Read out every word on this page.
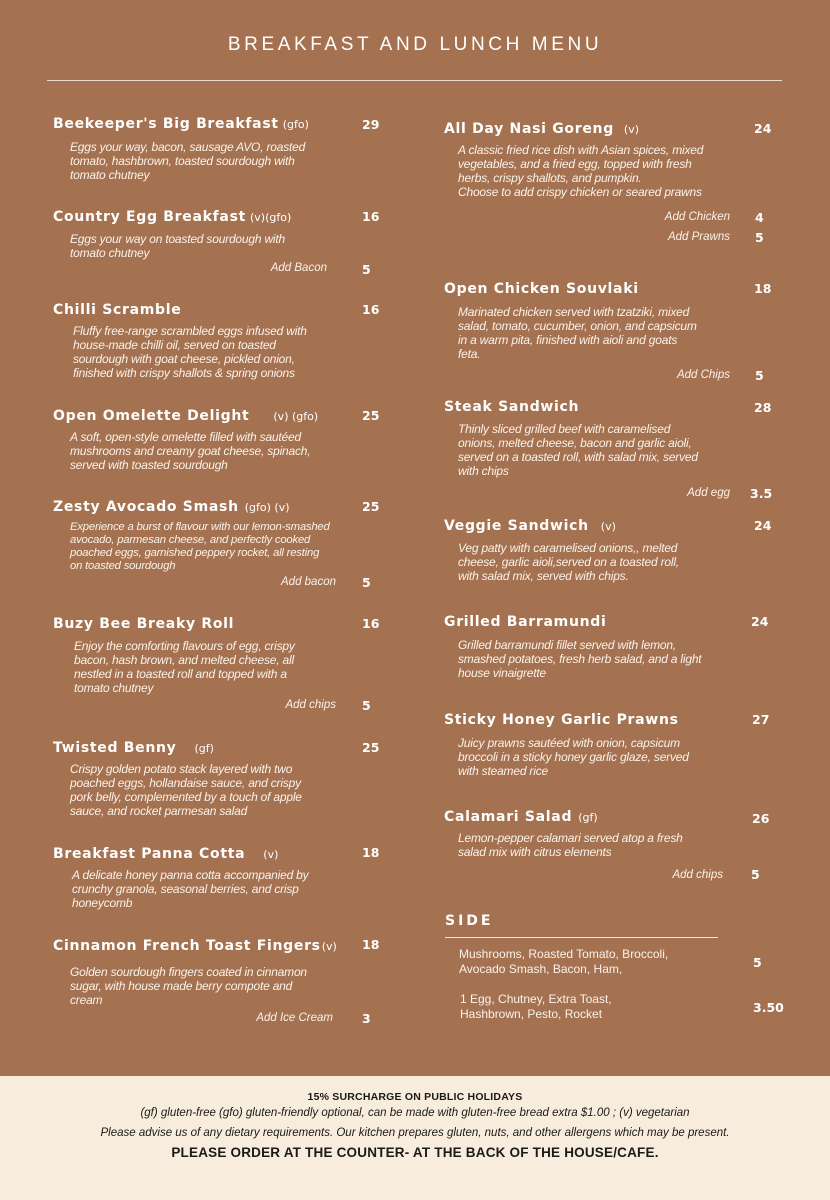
BREAKFAST AND LUNCH MENU
Beekeeper's Big Breakfast (gfo)	29
Eggs your way, bacon, sausage AVO, roasted
tomato, hashbrown, toasted sourdough with
tomato chutney
Country Egg Breakfast (v)(gfo)	16
Eggs your way on toasted sourdough with
tomato chutney
Add Bacon	5
Chilli Scramble	16
Fluffy free-range scrambled eggs infused with
house-made chilli oil, served on toasted
sourdough with goat cheese, pickled onion,
finished with crispy shallots & spring onions
Open Omelette Delight (v) (gfo)	25
A soft, open-style omelette filled with sautéed
mushrooms and creamy goat cheese, spinach,
served with toasted sourdough
Zesty Avocado Smash (gfo) (v)	25
Experience a burst of flavour with our lemon-smashed
avocado, parmesan cheese, and perfectly cooked
poached eggs, garnished peppery rocket, all resting
on toasted sourdough
Add bacon 5
Buzy Bee Breaky Roll	16
Enjoy the comforting flavours of egg, crispy
bacon, hash brown, and melted cheese, all
nestled in a toasted roll and topped with a
tomato chutney
Add chips 5
Twisted Benny (gf)	25
Crispy golden potato stack layered with two
poached eggs, hollandaise sauce, and crispy
pork belly, complemented by a touch of apple
sauce, and rocket parmesan salad
Breakfast Panna Cotta (v)	18
A delicate honey panna cotta accompanied by
crunchy granola, seasonal berries, and crisp
honeycomb
Cinnamon French Toast Fingers(v) 18
Golden sourdough fingers coated in cinnamon
sugar, with house made berry compote and
cream
Add Ice Cream 3
All Day Nasi Goreng (v)	24
A classic fried rice dish with Asian spices, mixed
vegetables, and a fried egg, topped with fresh
herbs, crispy shallots, and pumpkin.
Choose to add crispy chicken or seared prawns
Add Chicken 4
Add Prawns 5
Open Chicken Souvlaki	18
Marinated chicken served with tzatziki, mixed
salad, tomato, cucumber, onion, and capsicum
in a warm pita, finished with aioli and goats
feta.
Add Chips 5
Steak Sandwich	28
Thinly sliced grilled beef with caramelised
onions, melted cheese, bacon and garlic aioli,
served on a toasted roll, with salad mix, served
with chips
Add egg 3.5
Veggie Sandwich (v)	24
Veg patty with caramelised onions,, melted
cheese, garlic aioli,served on a toasted roll,
with salad mix, served with chips.
Grilled Barramundi	24
Grilled barramundi fillet served with lemon,
smashed potatoes, fresh herb salad, and a light
house vinaigrette
Sticky Honey Garlic Prawns	27
Juicy prawns sautéed with onion, capsicum
broccoli in a sticky honey garlic glaze, served
with steamed rice
Calamari Salad (gf)	26
Lemon-pepper calamari served atop a fresh
salad mix with citrus elements
Add chips 5
SIDE
Mushrooms, Roasted Tomato, Broccoli,
Avocado Smash, Bacon, Ham,	5
1 Egg, Chutney, Extra Toast,
Hashbrown, Pesto, Rocket	3.50
15% SURCHARGE ON PUBLIC HOLIDAYS
(gf) gluten-free (gfo) gluten-friendly optional, can be made with gluten-free bread extra $1.00 ; (v) vegetarian
Please advise us of any dietary requirements. Our kitchen prepares gluten, nuts, and other allergens which may be present.
PLEASE ORDER AT THE COUNTER- AT THE BACK OF THE HOUSE/CAFE.
